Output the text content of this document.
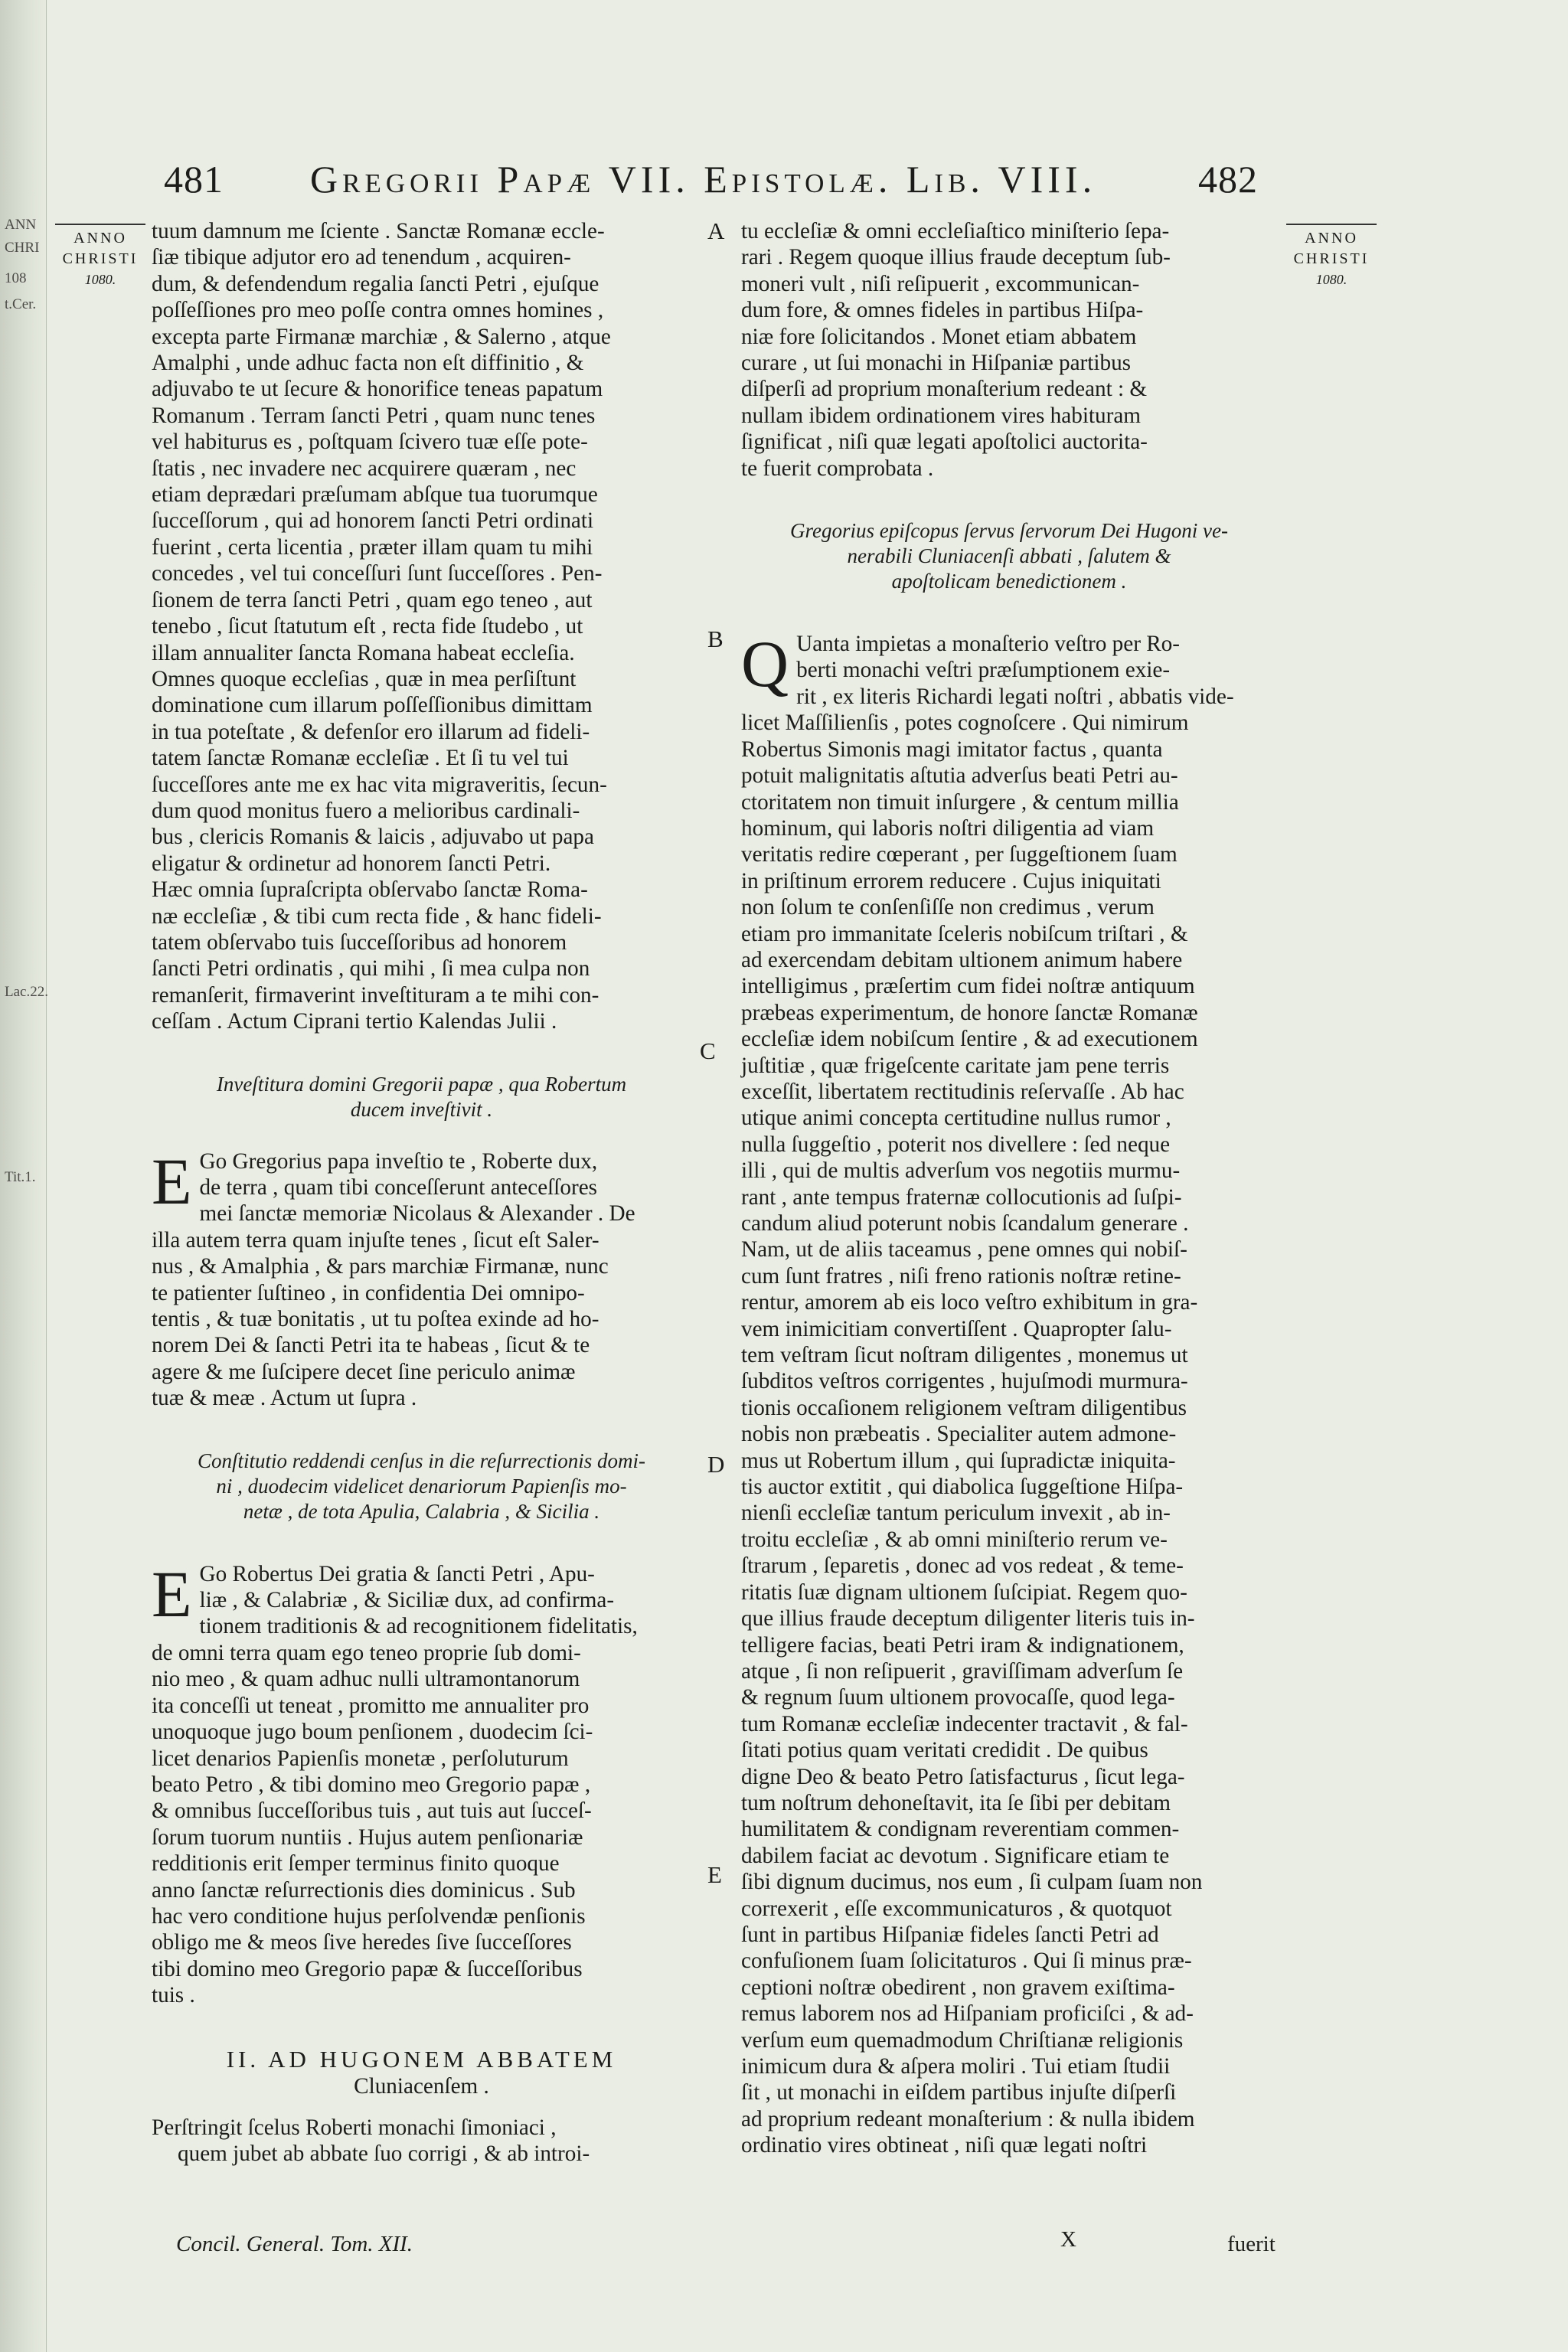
ANN
CHRI
108
t.Cer.
Lac.22.
Tit.1.
481 Gregorii Papæ VII. Epistolæ. Lib. VIII.	482
ANNO
CHRISTI
1080.
ANNO
CHRISTI
1080.
A
B
C
D
E

tuum damnum me ſciente . Sanctæ Romanæ eccle-
ſiæ tibique adjutor ero ad tenendum , acquiren-
dum, & defendendum regalia ſancti Petri , ejuſque
poſſeſſiones pro meo poſſe contra omnes homines ,
excepta parte Firmanæ marchiæ , & Salerno , atque
Amalphi , unde adhuc facta non eſt diffinitio , &
adjuvabo te ut ſecure & honorifice teneas papatum
Romanum . Terram ſancti Petri , quam nunc tenes
vel habiturus es , poſtquam ſcivero tuæ eſſe pote-
ſtatis , nec invadere nec acquirere quæram , nec
etiam deprædari præſumam abſque tua tuorumque
ſucceſſorum , qui ad honorem ſancti Petri ordinati
fuerint , certa licentia , præter illam quam tu mihi
concedes , vel tui conceſſuri ſunt ſucceſſores . Pen-
ſionem de terra ſancti Petri , quam ego teneo , aut
tenebo , ſicut ſtatutum eſt , recta fide ſtudebo , ut
illam annualiter ſancta Romana habeat eccleſia.
Omnes quoque eccleſias , quæ in mea perſiſtunt
dominatione cum illarum poſſeſſionibus dimittam
in tua poteſtate , & defenſor ero illarum ad fideli-
tatem ſanctæ Romanæ eccleſiæ . Et ſi tu vel tui
ſucceſſores ante me ex hac vita migraveritis, ſecun-
dum quod monitus fuero a melioribus cardinali-
bus , clericis Romanis & laicis , adjuvabo ut papa
eligatur & ordinetur ad honorem ſancti Petri.
Hæc omnia ſupraſcripta obſervabo ſanctæ Roma-
næ eccleſiæ , & tibi cum recta fide , & hanc fideli-
tatem obſervabo tuis ſucceſſoribus ad honorem
ſancti Petri ordinatis , qui mihi , ſi mea culpa non
remanſerit, firmaverint inveſtituram a te mihi con-
ceſſam . Actum Ciprani tertio Kalendas Julii .

Inveſtitura domini Gregorii papæ , qua Robertum
ducem inveſtivit .

E Go Gregorius papa inveſtio te , Roberte dux,
de terra , quam tibi conceſſerunt anteceſſores
mei ſanctæ memoriæ Nicolaus & Alexander . De
illa autem terra quam injuſte tenes , ſicut eſt Saler-
nus , & Amalphia , & pars marchiæ Firmanæ, nunc
te patienter ſuſtineo , in confidentia Dei omnipo-
tentis , & tuæ bonitatis , ut tu poſtea exinde ad ho-
norem Dei & ſancti Petri ita te habeas , ſicut & te
agere & me ſuſcipere decet ſine periculo animæ
tuæ & meæ . Actum ut ſupra .

Conſtitutio reddendi cenſus in die reſurrectionis domi-
ni , duodecim videlicet denariorum Papienſis mo-
netæ , de tota Apulia, Calabria , & Sicilia .

E Go Robertus Dei gratia & ſancti Petri , Apu-
liæ , & Calabriæ , & Siciliæ dux, ad confirma-
tionem traditionis & ad recognitionem fidelitatis,
de omni terra quam ego teneo proprie ſub domi-
nio meo , & quam adhuc nulli ultramontanorum
ita conceſſi ut teneat , promitto me annualiter pro
unoquoque jugo boum penſionem , duodecim ſci-
licet denarios Papienſis monetæ , perſoluturum
beato Petro , & tibi domino meo Gregorio papæ ,
& omnibus ſucceſſoribus tuis , aut tuis aut ſucceſ-
ſorum tuorum nuntiis . Hujus autem penſionariæ
redditionis erit ſemper terminus finito quoque
anno ſanctæ reſurrectionis dies dominicus . Sub
hac vero conditione hujus perſolvendæ penſionis
obligo me & meos ſive heredes ſive ſucceſſores
tibi domino meo Gregorio papæ & ſucceſſoribus
tuis .

II. AD HUGONEM ABBATEM
Cluniacenſem .

Perſtringit ſcelus Roberti monachi ſimoniaci ,
quem jubet ab abbate ſuo corrigi , & ab introi-

tu eccleſiæ & omni eccleſiaſtico miniſterio ſepa-
rari . Regem quoque illius fraude deceptum ſub-
moneri vult , niſi reſipuerit , excommunican-
dum fore, & omnes fideles in partibus Hiſpa-
niæ fore ſolicitandos . Monet etiam abbatem
curare , ut ſui monachi in Hiſpaniæ partibus
diſperſi ad proprium monaſterium redeant : &
nullam ibidem ordinationem vires habituram
ſignificat , niſi quæ legati apoſtolici auctorita-
te fuerit comprobata .

Gregorius epiſcopus ſervus ſervorum Dei Hugoni ve-
nerabili Cluniacenſi abbati , ſalutem &
apoſtolicam benedictionem .

Q Uanta impietas a monaſterio veſtro per Ro-
berti monachi veſtri præſumptionem exie-
rit , ex literis Richardi legati noſtri , abbatis vide-
licet Maſſilienſis , potes cognoſcere . Qui nimirum
Robertus Simonis magi imitator factus , quanta
potuit malignitatis aſtutia adverſus beati Petri au-
ctoritatem non timuit inſurgere , & centum millia
hominum, qui laboris noſtri diligentia ad viam
veritatis redire cœperant , per ſuggeſtionem ſuam
in priſtinum errorem reducere . Cujus iniquitati
non ſolum te conſenſiſſe non credimus , verum
etiam pro immanitate ſceleris nobiſcum triſtari , &
ad exercendam debitam ultionem animum habere
intelligimus , præſertim cum fidei noſtræ antiquum
præbeas experimentum, de honore ſanctæ Romanæ
eccleſiæ idem nobiſcum ſentire , & ad executionem
juſtitiæ , quæ frigeſcente caritate jam pene terris
exceſſit, libertatem rectitudinis reſervaſſe . Ab hac
utique animi concepta certitudine nullus rumor ,
nulla ſuggeſtio , poterit nos divellere : ſed neque
illi , qui de multis adverſum vos negotiis murmu-
rant , ante tempus fraternæ collocutionis ad ſuſpi-
candum aliud poterunt nobis ſcandalum generare .
Nam, ut de aliis taceamus , pene omnes qui nobiſ-
cum ſunt fratres , niſi freno rationis noſtræ retine-
rentur, amorem ab eis loco veſtro exhibitum in gra-
vem inimicitiam convertiſſent . Quapropter ſalu-
tem veſtram ſicut noſtram diligentes , monemus ut
ſubditos veſtros corrigentes , hujuſmodi murmura-
tionis occaſionem religionem veſtram diligentibus
nobis non præbeatis . Specialiter autem admone-
mus ut Robertum illum , qui ſupradictæ iniquita-
tis auctor extitit , qui diabolica ſuggeſtione Hiſpa-
nienſi eccleſiæ tantum periculum invexit , ab in-
troitu eccleſiæ , & ab omni miniſterio rerum ve-
ſtrarum , ſeparetis , donec ad vos redeat , & teme-
ritatis ſuæ dignam ultionem ſuſcipiat. Regem quo-
que illius fraude deceptum diligenter literis tuis in-
telligere facias, beati Petri iram & indignationem,
atque , ſi non reſipuerit , graviſſimam adverſum ſe
& regnum ſuum ultionem provocaſſe, quod lega-
tum Romanæ eccleſiæ indecenter tractavit , & fal-
ſitati potius quam veritati credidit . De quibus
digne Deo & beato Petro ſatisfacturus , ſicut lega-
tum noſtrum dehoneſtavit, ita ſe ſibi per debitam
humilitatem & condignam reverentiam commen-
dabilem faciat ac devotum . Significare etiam te
ſibi dignum ducimus, nos eum , ſi culpam ſuam non
correxerit , eſſe excommunicaturos , & quotquot
ſunt in partibus Hiſpaniæ fideles ſancti Petri ad
confuſionem ſuam ſolicitaturos . Qui ſi minus præ-
ceptioni noſtræ obedirent , non gravem exiſtima-
remus laborem nos ad Hiſpaniam proficiſci , & ad-
verſum eum quemadmodum Chriſtianæ religionis
inimicum dura & aſpera moliri . Tui etiam ſtudii
ſit , ut monachi in eiſdem partibus injuſte diſperſi
ad proprium redeant monaſterium : & nulla ibidem
ordinatio vires obtineat , niſi quæ legati noſtri

Concil. General. Tom. XII.	X	fuerit
